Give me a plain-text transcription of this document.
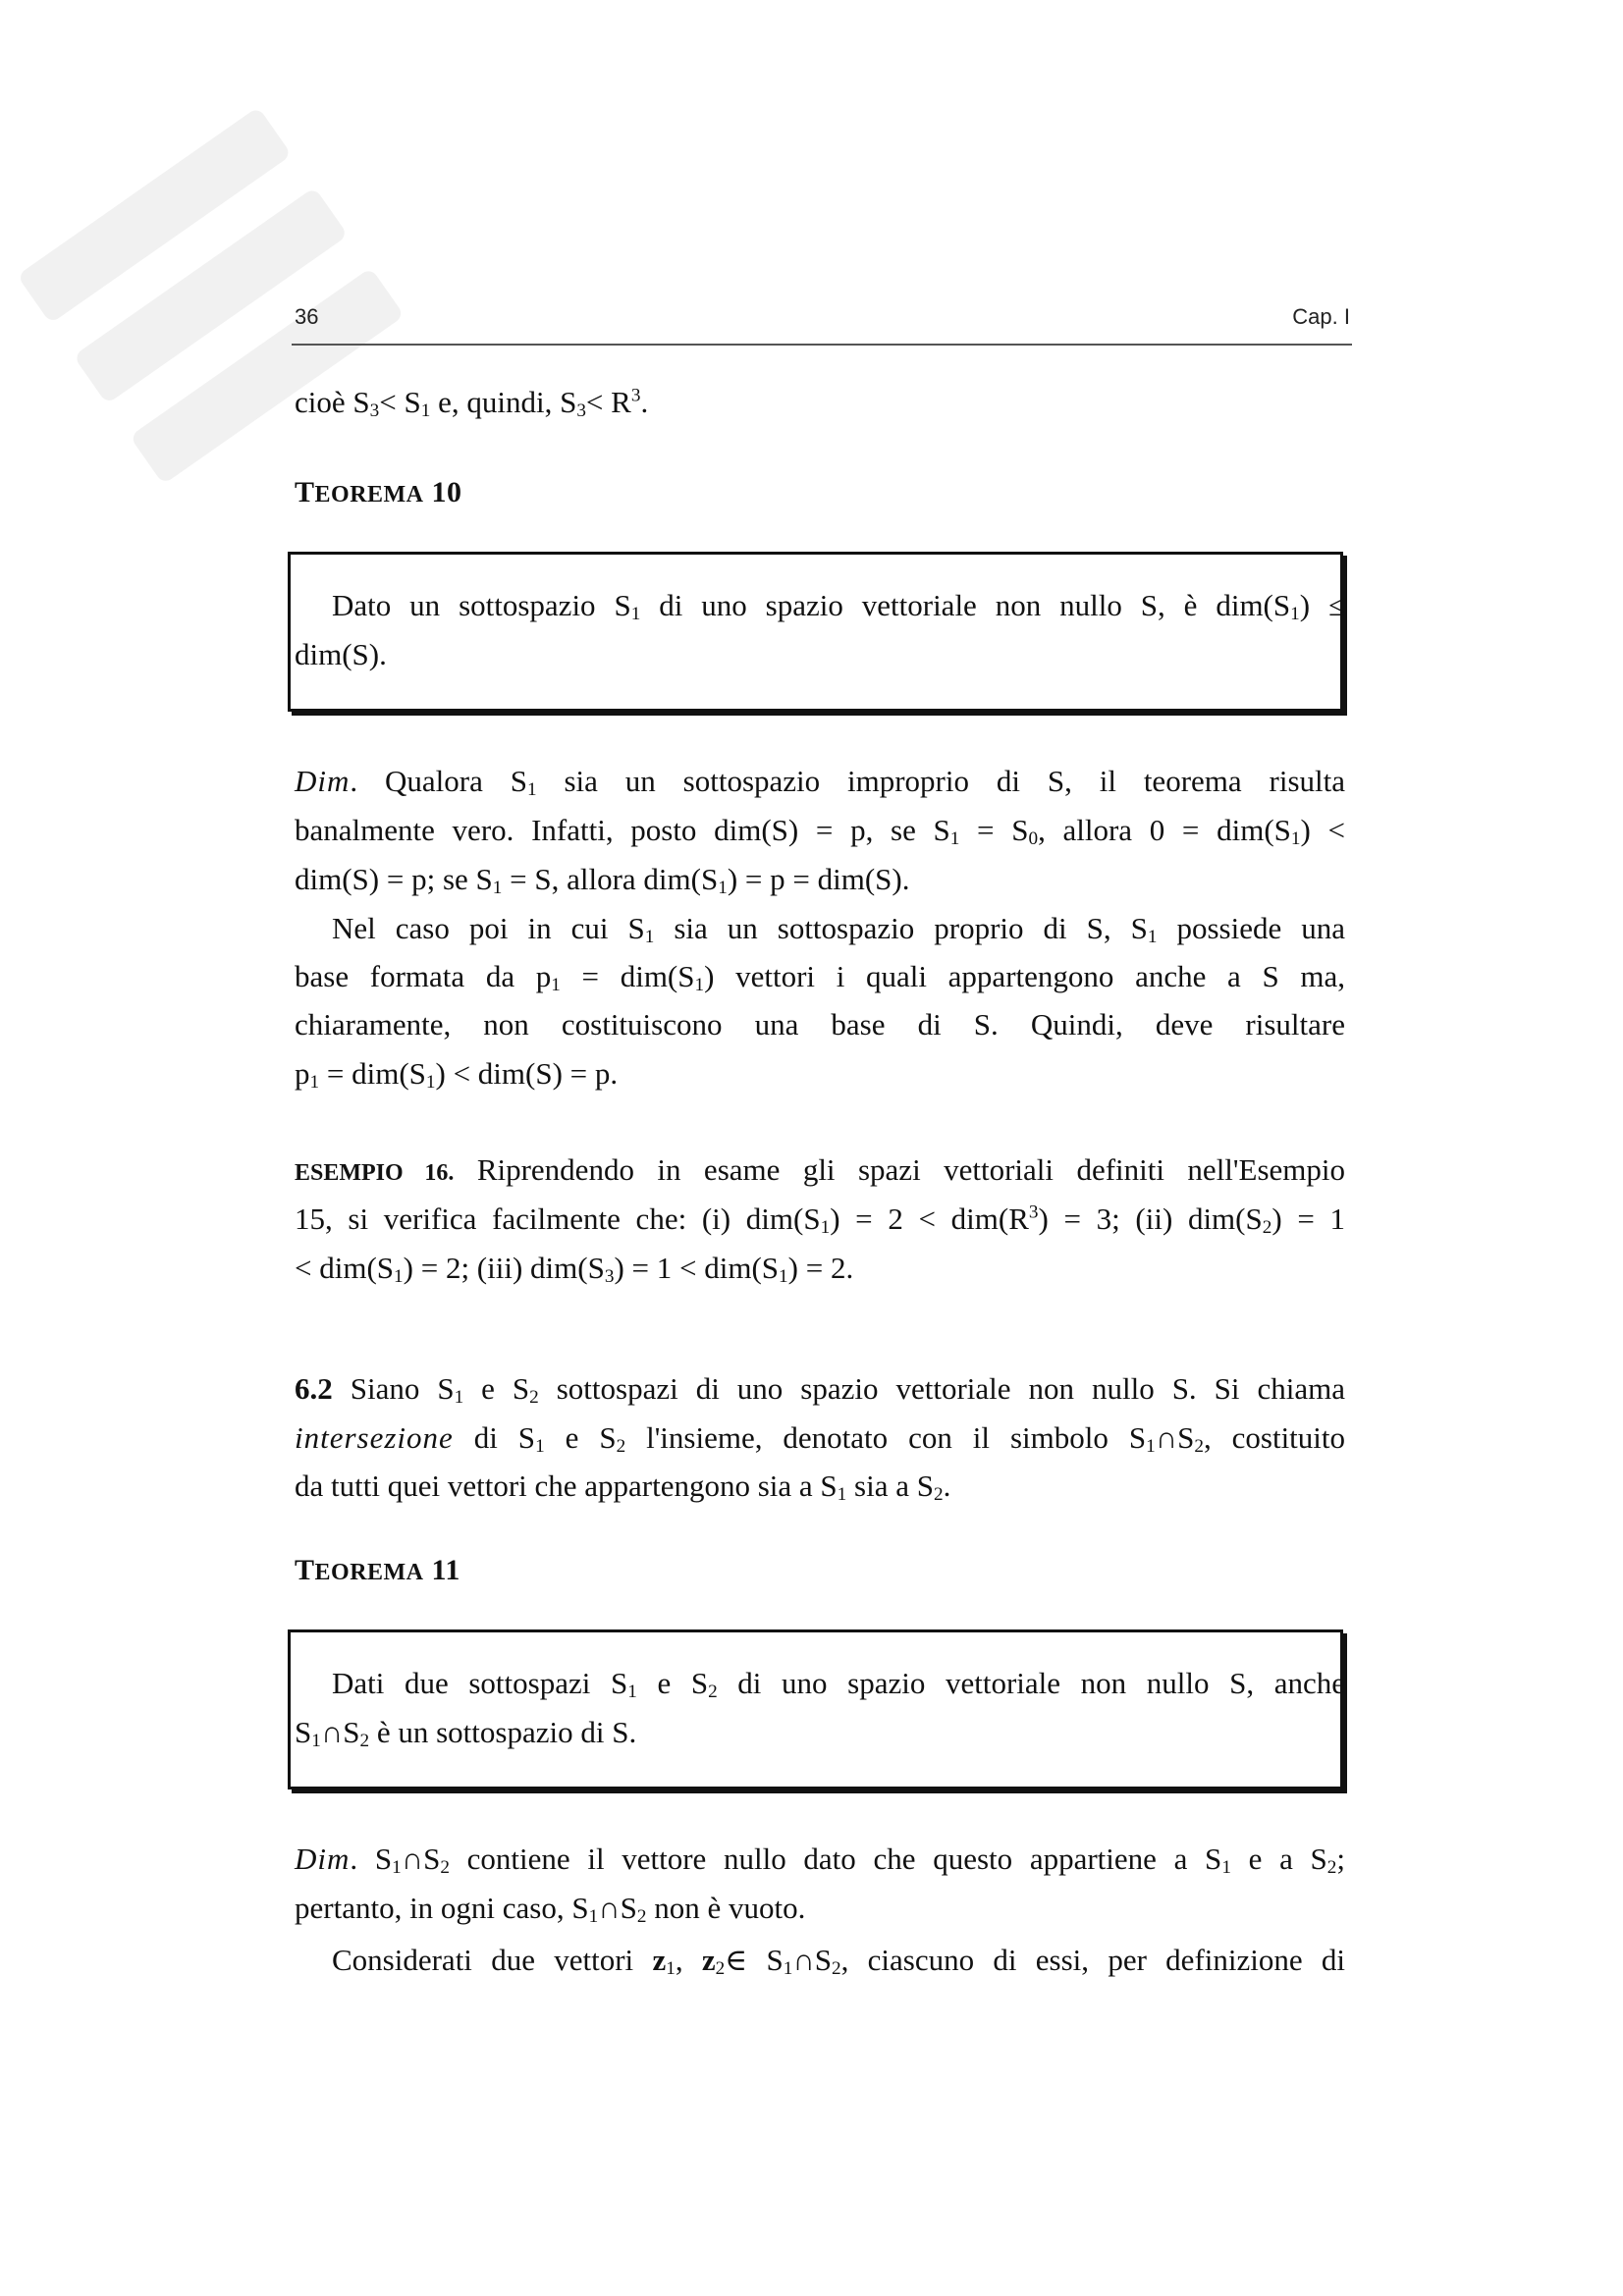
36	Cap. I
cioè $S_3< S_1$ e, quindi, $S_3< R^3$.
TEOREMA 10
Dato un sottospazio $S_1$ di uno spazio vettoriale non nullo S, è $dim(S_1)$ ≤
dim(S).
Dim. Qualora $S_1$ sia un sottospazio improprio di S, il teorema risulta
banalmente vero. Infatti, posto dim(S) = p, se $S_1 = S_0$, allora $0 = dim(S_1)$ <
dim(S) = p; se $S_1 = S$, allora $dim(S_1) = p = dim(S)$.
Nel caso poi in cui $S_1$ sia un sottospazio proprio di S, $S_1$ possiede una
base formata da $p_1 = dim(S_1)$ vettori i quali appartengono anche a S ma,
chiaramente, non costituiscono una base di S. Quindi, deve risultare
$p_1 = dim(S_1) < dim(S) = p$.
ESEMPIO 16. Riprendendo in esame gli spazi vettoriali definiti nell'Esempio
15, si verifica facilmente che: (i) $dim(S_1) = 2 < dim(R^3) = 3$; (ii) $dim(S_2) = 1$
< $dim(S_1) = 2$; (iii) $dim(S_3) = 1 < dim(S_1) = 2$.
6.2 Siano $S_1$ e $S_2$ sottospazi di uno spazio vettoriale non nullo S. Si chiama
intersezione di $S_1$ e $S_2$ l'insieme, denotato con il simbolo $S_1\cap S_2$, costituito
da tutti quei vettori che appartengono sia a $S_1$ sia a $S_2$.
TEOREMA 11
Dati due sottospazi $S_1$ e $S_2$ di uno spazio vettoriale non nullo S, anche
$S_1\cap S_2$ è un sottospazio di S.
Dim. $S_1\cap S_2$ contiene il vettore nullo dato che questo appartiene a $S_1$ e a $S_2$;
pertanto, in ogni caso, $S_1\cap S_2$ non è vuoto.
Considerati due vettori $z_1$, $z_2\in$ $S_1\cap S_2$, ciascuno di essi, per definizione di
